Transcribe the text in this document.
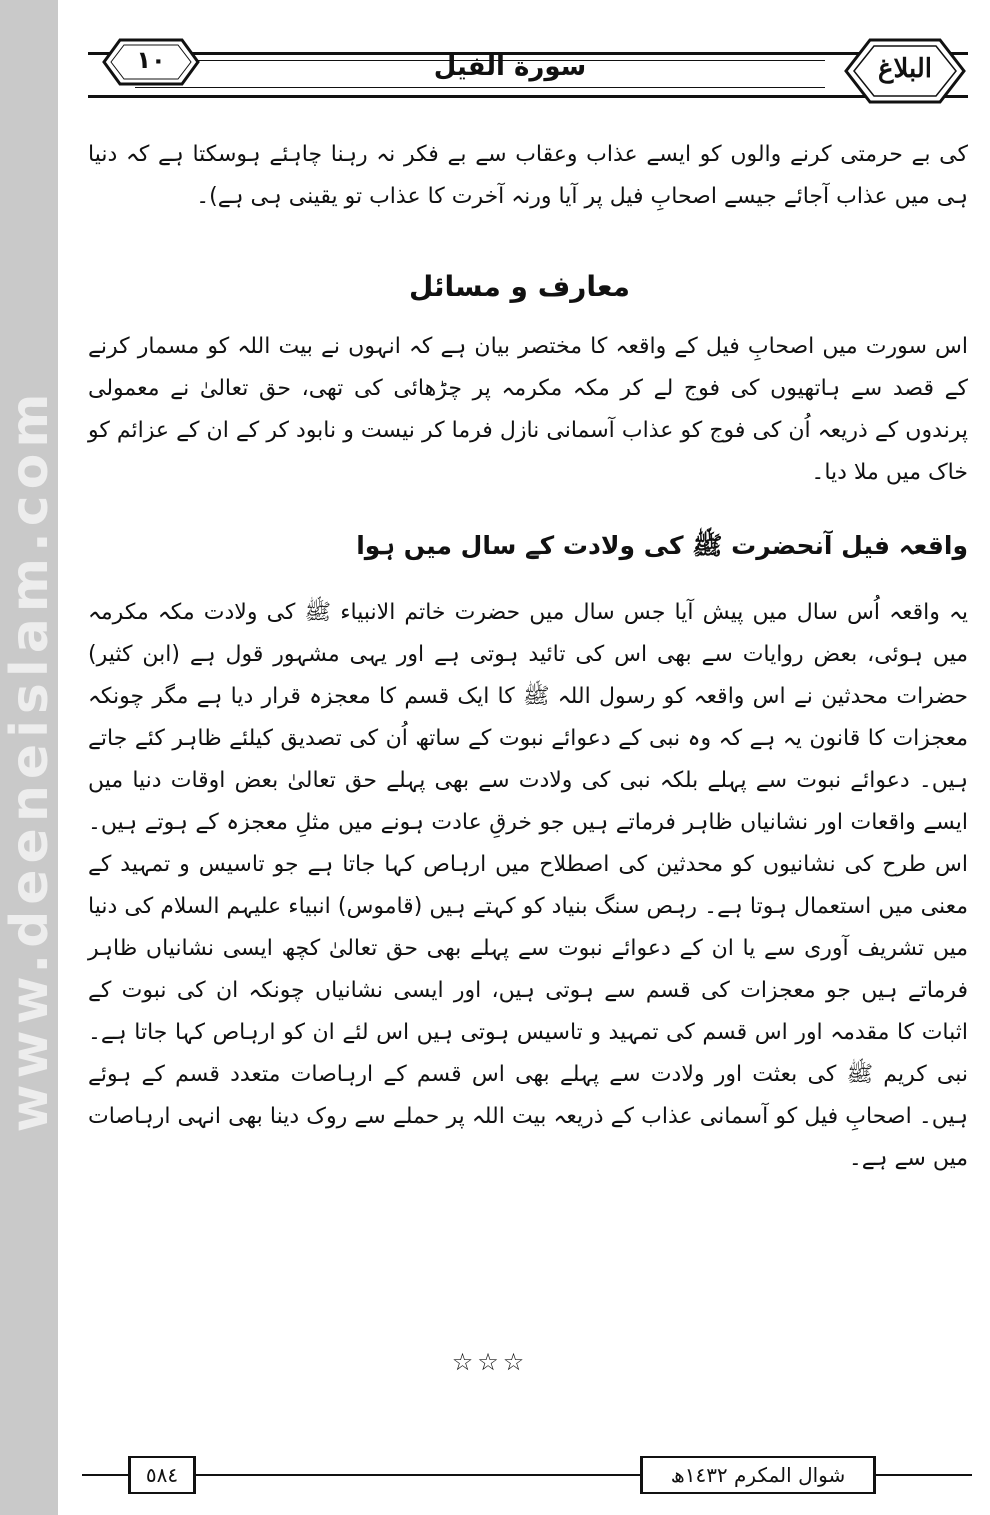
www.deeneislam.com
١٠	سورة الفيل	البلاغ
کی بے حرمتی کرنے والوں کو ایسے عذاب وعقاب سے بے فکر نہ رہنا چاہئے ہوسکتا ہے کہ دنیا ہی میں عذاب آجائے جیسے اصحابِ فیل پر آیا ورنہ آخرت کا عذاب تو یقینی ہی ہے)۔
معارف و مسائل
اس سورت میں اصحابِ فیل کے واقعہ کا مختصر بیان ہے کہ انہوں نے بیت اللہ کو مسمار کرنے کے قصد سے ہاتھیوں کی فوج لے کر مکہ مکرمہ پر چڑھائی کی تھی، حق تعالیٰ نے معمولی پرندوں کے ذریعہ اُن کی فوج کو عذاب آسمانی نازل فرما کر نیست و نابود کر کے ان کے عزائم کو خاک میں ملا دیا۔
واقعہ فیل آنحضرت ﷺ کی ولادت کے سال میں ہوا
یہ واقعہ اُس سال میں پیش آیا جس سال میں حضرت خاتم الانبیاء ﷺ کی ولادت مکہ مکرمہ میں ہوئی، بعض روایات سے بھی اس کی تائید ہوتی ہے اور یہی مشہور قول ہے (ابن کثیر) حضرات محدثین نے اس واقعہ کو رسول اللہ ﷺ کا ایک قسم کا معجزہ قرار دیا ہے مگر چونکہ معجزات کا قانون یہ ہے کہ وہ نبی کے دعوائے نبوت کے ساتھ اُن کی تصدیق کیلئے ظاہر کئے جاتے ہیں۔ دعوائے نبوت سے پہلے بلکہ نبی کی ولادت سے بھی پہلے حق تعالیٰ بعض اوقات دنیا میں ایسے واقعات اور نشانیاں ظاہر فرماتے ہیں جو خرقِ عادت ہونے میں مثلِ معجزہ کے ہوتے ہیں۔ اس طرح کی نشانیوں کو محدثین کی اصطلاح میں ارہاص کہا جاتا ہے جو تاسیس و تمہید کے معنی میں استعمال ہوتا ہے۔ رہص سنگ بنیاد کو کہتے ہیں (قاموس) انبیاء علیہم السلام کی دنیا میں تشریف آوری سے یا ان کے دعوائے نبوت سے پہلے بھی حق تعالیٰ کچھ ایسی نشانیاں ظاہر فرماتے ہیں جو معجزات کی قسم سے ہوتی ہیں، اور ایسی نشانیاں چونکہ ان کی نبوت کے اثبات کا مقدمہ اور اس قسم کی تمہید و تاسیس ہوتی ہیں اس لئے ان کو ارہاص کہا جاتا ہے۔ نبی کریم ﷺ کی بعثت اور ولادت سے پہلے بھی اس قسم کے ارہاصات متعدد قسم کے ہوئے ہیں۔ اصحابِ فیل کو آسمانی عذاب کے ذریعہ بیت اللہ پر حملے سے روک دینا بھی انہی ارہاصات میں سے ہے۔
☆☆☆
٥٨٤	شوال المکرم ١٤٣٢ھ
